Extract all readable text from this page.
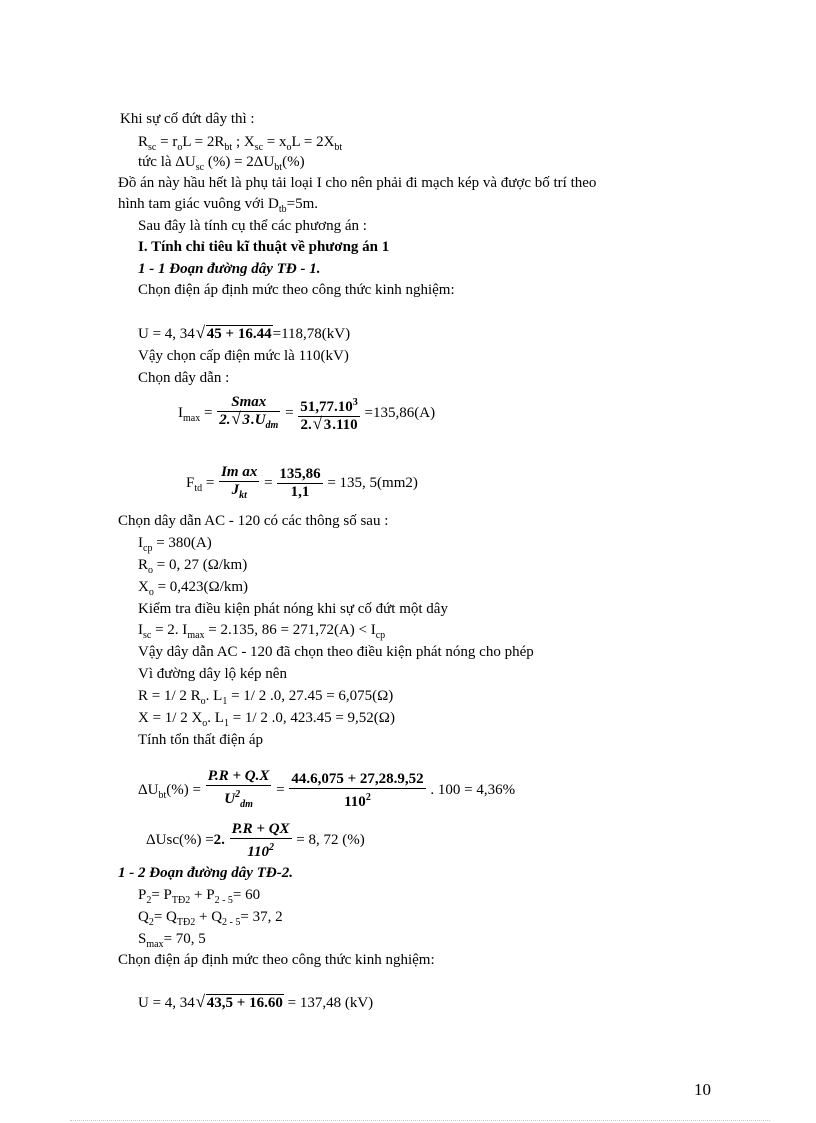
Khi sự cố đứt dây thì :
$R_{sc} = r_oL = 2R_{bt}$ ; $X_{sc} = x_oL = 2X_{bt}$
tức là $\Delta U_{sc}$ (%) = $2\Delta U_{bt}(\%)$
Đồ án này hầu hết là phụ tải loại I cho nên phải đi mạch kép và được bố trí theo
hình tam giác vuông với $D_{tb}=5m$.
Sau đây là tính cụ thể các phương án :
I. Tính chỉ tiêu kĩ thuật về phương án 1
1 - 1 Đoạn đường dây TĐ - 1.
Chọn điện áp định mức theo công thức kinh nghiệm:
U = 4, 34 √ 45 + 16.44=118,78(kV)
Vậy chọn cấp điện mức là 110(kV)
Chọn dây dẫn :
$I_{max} = \frac{Smax}{2. √ 3.U_{dm}} = \frac{51,77.10^3}{2. √ 3.110} =135,86(A)$
$F_{td} = \frac{\text{Im ax}}{J_{kt}} = \frac{135,86}{1,1} = 135$, 5(mm2)
Chọn dây dẫn AC - 120 có các thông số sau :
$I_{cp} = 380(A)$
$R_o = 0$, 27 (Ω/km)
$X_o = 0,423(\Omega/km)$
Kiểm tra điều kiện phát nóng khi sự cố đứt một dây
$I_{sc} = 2$. $I_{max} = 2.135$, $86 = 271,72(A) < I_{cp}$
Vậy dây dẫn AC - 120 đã chọn theo điều kiện phát nóng cho phép
Vì đường dây lộ kép nên
R = 1/ 2 $R_o$. $L_1 = 1/$ 2 .0, 27.45 = 6,075(Ω)
X = 1/ 2 $X_o$. $L_1 = 1/$ 2 .0, 423.45 = 9,52(Ω)
Tính tổn thất điện áp
$\Delta U_{bt}(\%) = \frac{P.R + Q.X}{U^2_{dm}} = \frac{44.6,075 + 27,28.9,52}{110^2}$ . 100 = 4,36%
ΔUsc(%) =2. $\frac{P.R + QX}{110^2} = 8$, 72 (%)
1 - 2 Đoạn đường dây TĐ-2.
$P_2= P_{TĐ2} + P_{2 - 5}= 60$
$Q_2= Q_{TĐ2} + Q_{2 - 5}= 37$, 2
$S_{max}= 70$, 5
Chọn điện áp định mức theo công thức kinh nghiệm:
U = 4, 34 √ 43,5 + 16.60 = 137,48 (kV)
10
